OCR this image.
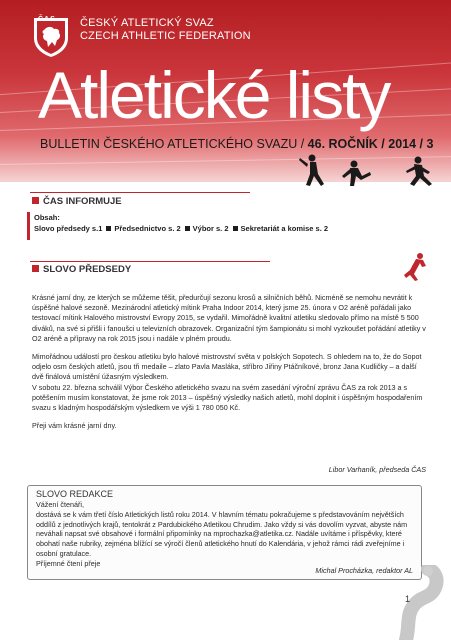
ČAS ČESKÝ ATLETICKÝ SVAZ
CZECH ATHLETIC FEDERATION
Atletické listy
BULLETIN ČESKÉHO ATLETICKÉHO SVAZU / 46. ROČNÍK / 2014 / 3
ČAS INFORMUJE
Obsah:
Slovo předsedy s.1 Předsednictvo s. 2 Výbor s. 2 Sekretariát a komise s. 2
SLOVO PŘEDSEDY

Krásné jarní dny, ze kterých se můžeme těšit, předurčují sezonu krosů a silničních běhů. Nicméně se nemohu nevrátit k úspěšné halové sezoně. Mezinárodní atletický mítink Praha Indoor 2014, který jsme 25. února v O2 aréně pořádali jako testovací mítink Halového mistrovství Evropy 2015, se vydařil. Mimořádně kvalitní atletiku sledovalo přímo na místě 5 500 diváků, na své si přišli i fanoušci u televizních obrazovek. Organizační tým šampionátu si mohl vyzkoušet pořádání atletiky v O2 aréně a přípravy na rok 2015 jsou i nadále v plném proudu.

Mimořádnou událostí pro českou atletiku bylo halové mistrovství světa v polských Sopotech. S ohledem na to, že do Sopot odjelo osm českých atletů, jsou tři medaile – zlato Pavla Masláka, stříbro Jiřiny Ptáčníkové, bronz Jana Kudličky – a další dvě finálová umístění úžasným výsledkem.

V sobotu 22. března schválil Výbor Českého atletického svazu na svém zasedání výroční zprávu ČAS za rok 2013 a s potěšením musím konstatovat, že jsme rok 2013 – úspěšný výsledky našich atletů, mohl doplnit i úspěšným hospodařením svazu s kladným hospodářským výsledkem ve výši 1 780 050 Kč.

Přeji vám krásné jarní dny.

Libor Varhaník, předseda ČAS
SLOVO REDAKCE
Vážení čtenáři,
dostává se k vám třetí číslo Atletických listů roku 2014. V hlavním tématu pokračujeme s představováním největších oddílů z jednotlivých krajů, tentokrát z Pardubického Atletikou Chrudim. Jako vždy si vás dovolím vyzvat, abyste nám neváhali napsat své obsahové i formální připomínky na mprochazka@atletika.cz. Nadále uvítáme i příspěvky, které obohatí naše rubriky, zejména blížící se výročí členů atletického hnutí do Kalendária, v jehož rámci rádi zveřejníme i osobní gratulace.
Příjemné čtení přeje
Michal Procházka, redaktor AL
1
